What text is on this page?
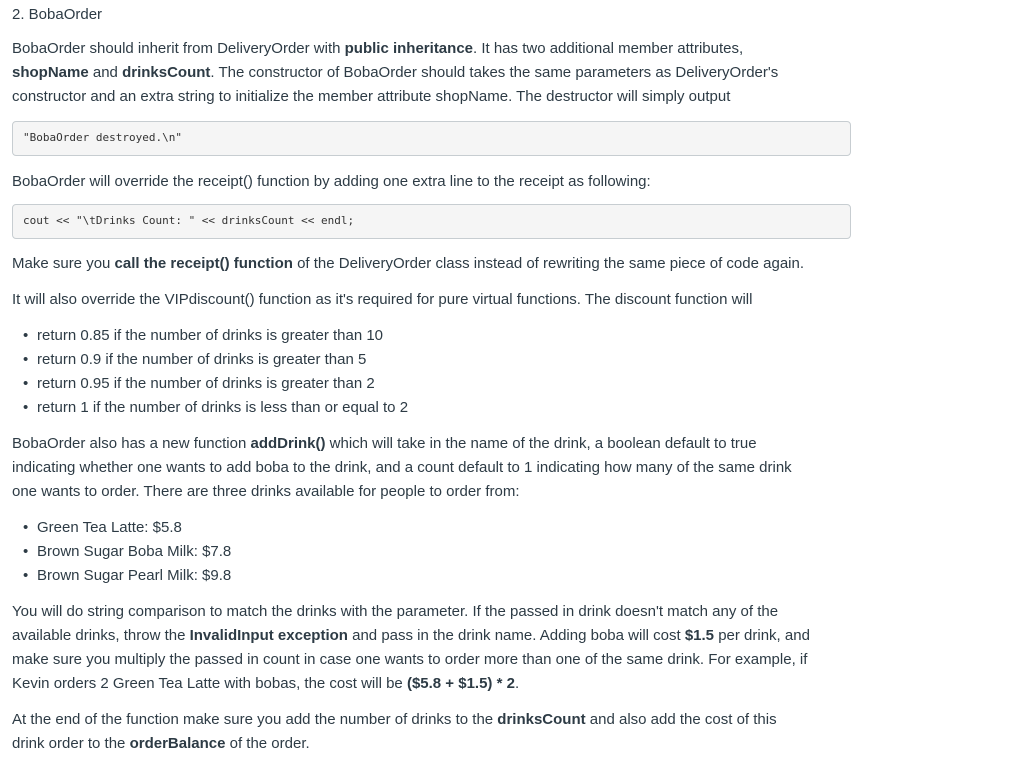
2. BobaOrder

BobaOrder should inherit from DeliveryOrder with public inheritance. It has two additional member attributes,
shopName and drinksCount. The constructor of BobaOrder should takes the same parameters as DeliveryOrder's
constructor and an extra string to initialize the member attribute shopName. The destructor will simply output

"BobaOrder destroyed.\n"

BobaOrder will override the receipt() function by adding one extra line to the receipt as following:

cout << "\tDrinks Count: " << drinksCount << endl;

Make sure you call the receipt() function of the DeliveryOrder class instead of rewriting the same piece of code again.

It will also override the VIPdiscount() function as it's required for pure virtual functions. The discount function will

• return 0.85 if the number of drinks is greater than 10
• return 0.9 if the number of drinks is greater than 5
• return 0.95 if the number of drinks is greater than 2
• return 1 if the number of drinks is less than or equal to 2

BobaOrder also has a new function addDrink() which will take in the name of the drink, a boolean default to true
indicating whether one wants to add boba to the drink, and a count default to 1 indicating how many of the same drink
one wants to order. There are three drinks available for people to order from:

• Green Tea Latte: $5.8
• Brown Sugar Boba Milk: $7.8
• Brown Sugar Pearl Milk: $9.8

You will do string comparison to match the drinks with the parameter. If the passed in drink doesn't match any of the
available drinks, throw the InvalidInput exception and pass in the drink name. Adding boba will cost $1.5 per drink, and
make sure you multiply the passed in count in case one wants to order more than one of the same drink. For example, if
Kevin orders 2 Green Tea Latte with bobas, the cost will be ($5.8 + $1.5) * 2.

At the end of the function make sure you add the number of drinks to the drinksCount and also add the cost of this
drink order to the orderBalance of the order.
